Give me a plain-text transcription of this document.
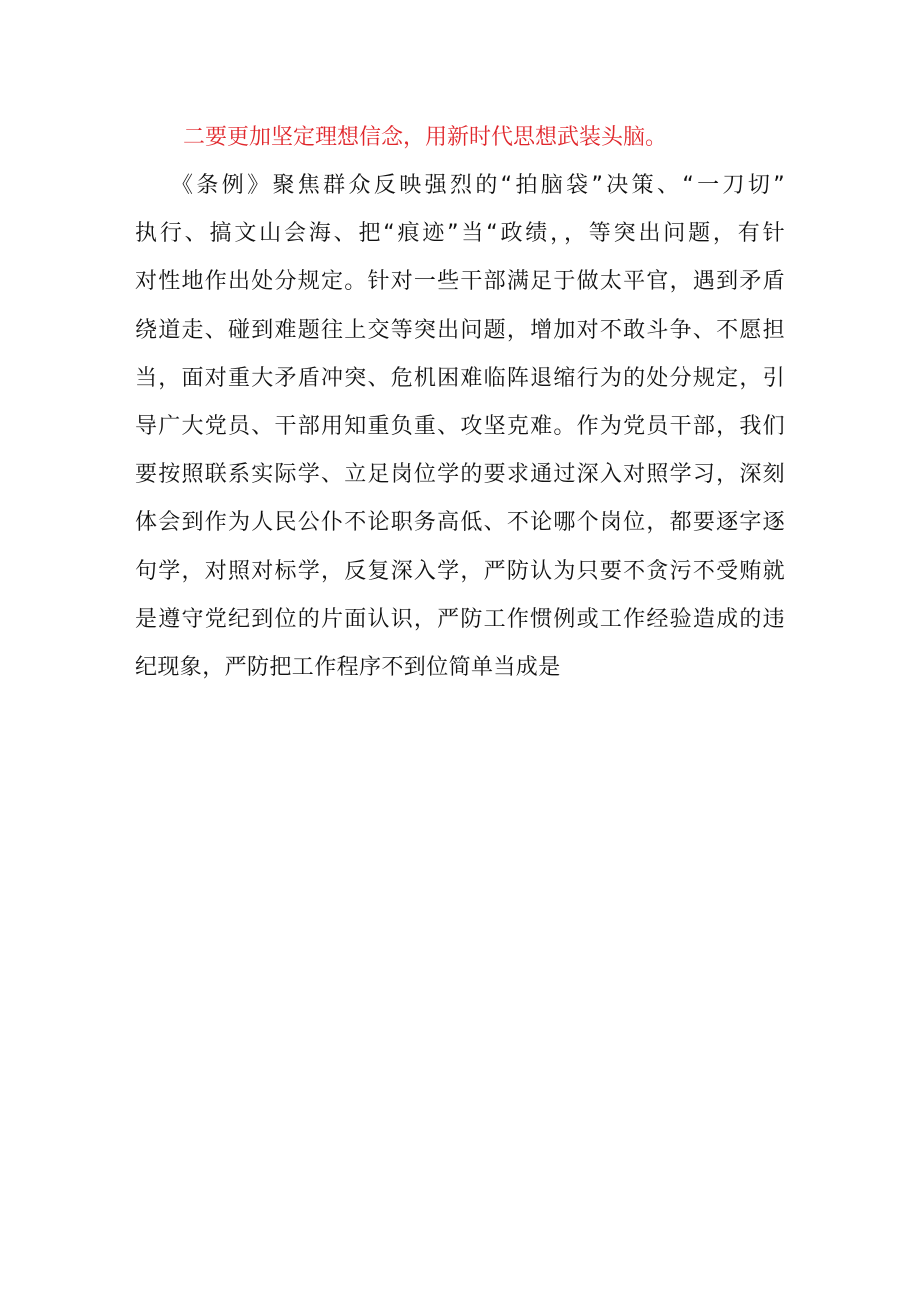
二要更加坚定理想信念，用新时代思想武装头脑。
《条例》聚焦群众反映强烈的“拍脑袋”决策、“一刀切”
执行、搞文山会海、把“痕迹”当“政绩，，等突出问题，有针
对性地作出处分规定。针对一些干部满足于做太平官，遇到矛盾
绕道走、碰到难题往上交等突出问题，增加对不敢斗争、不愿担
当，面对重大矛盾冲突、危机困难临阵退缩行为的处分规定，引
导广大党员、干部用知重负重、攻坚克难。作为党员干部，我们
要按照联系实际学、立足岗位学的要求通过深入对照学习，深刻
体会到作为人民公仆不论职务高低、不论哪个岗位，都要逐字逐
句学，对照对标学，反复深入学，严防认为只要不贪污不受贿就
是遵守党纪到位的片面认识，严防工作惯例或工作经验造成的违
纪现象，严防把工作程序不到位简单当成是
